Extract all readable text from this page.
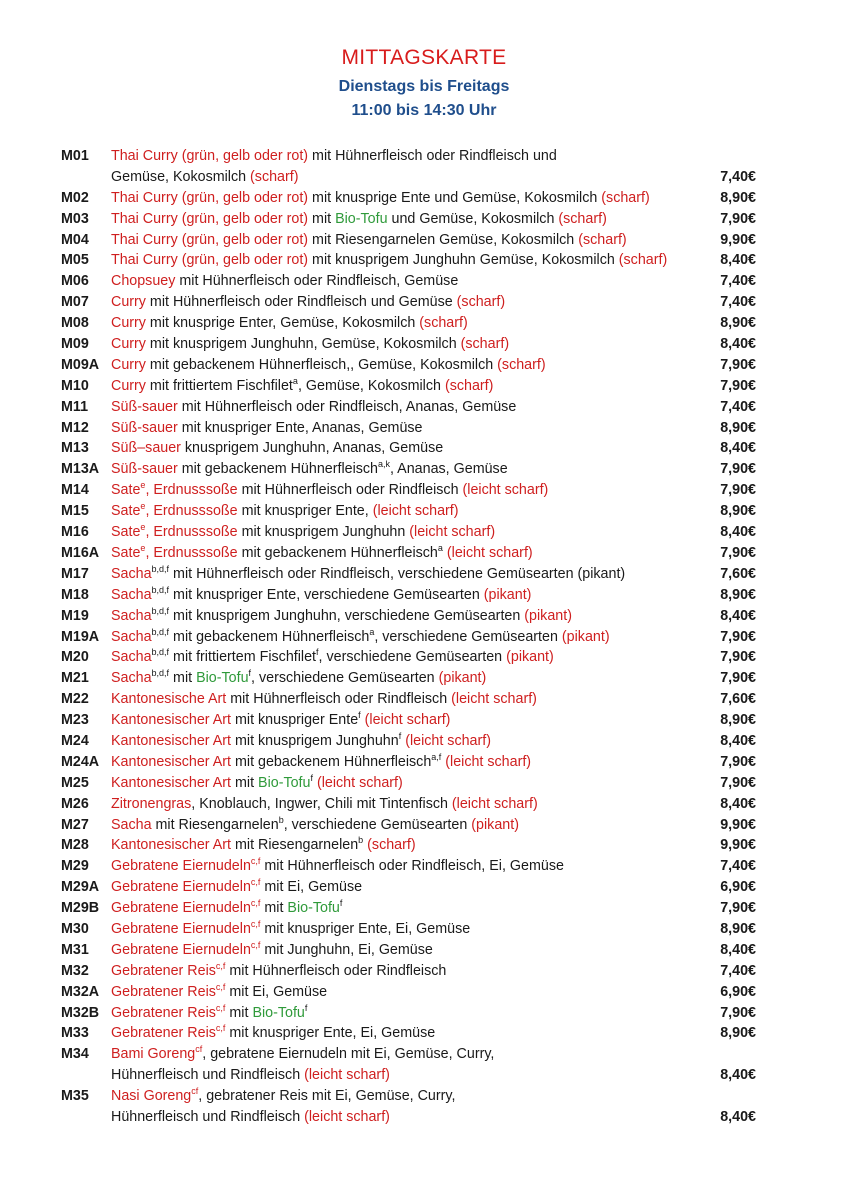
MITTAGSKARTE
Dienstags bis Freitags
11:00 bis 14:30 Uhr
M01 Thai Curry (grün, gelb oder rot) mit Hühnerfleisch oder Rindfleisch und
Gemüse, Kokosmilch (scharf)	7,40€
M02 Thai Curry (grün, gelb oder rot) mit knusprige Ente und Gemüse, Kokosmilch (scharf)	8,90€
M03 Thai Curry (grün, gelb oder rot) mit Bio-Tofu und Gemüse, Kokosmilch (scharf)	7,90€
M04 Thai Curry (grün, gelb oder rot) mit Riesengarnelen Gemüse, Kokosmilch (scharf)	9,90€
M05 Thai Curry (grün, gelb oder rot) mit knusprigem Junghuhn Gemüse, Kokosmilch (scharf)	8,40€
M06 Chopsuey mit Hühnerfleisch oder Rindfleisch, Gemüse	7,40€
M07 Curry mit Hühnerfleisch oder Rindfleisch und Gemüse (scharf)	7,40€
M08 Curry mit knusprige Enter, Gemüse, Kokosmilch (scharf)	8,90€
M09 Curry mit knusprigem Junghuhn, Gemüse, Kokosmilch (scharf)	8,40€
M09A Curry mit gebackenem Hühnerfleisch,, Gemüse, Kokosmilch (scharf)	7,90€
M10 Curry mit frittiertem Fischfilet$^a$, Gemüse, Kokosmilch (scharf)	7,90€
M11 Süß-sauer mit Hühnerfleisch oder Rindfleisch, Ananas, Gemüse	7,40€
M12 Süß-sauer mit knuspriger Ente, Ananas, Gemüse	8,90€
M13 Süß–sauer knusprigem Junghuhn, Ananas, Gemüse	8,40€
M13A Süß-sauer mit gebackenem Hühnerfleisch$^{a,k}$, Ananas, Gemüse	7,90€
M14 Sate$^e$, Erdnusssoße mit Hühnerfleisch oder Rindfleisch (leicht scharf)	7,90€
M15 Sate$^e$, Erdnusssoße mit knuspriger Ente, (leicht scharf)	8,90€
M16 Sate$^e$, Erdnusssoße mit knusprigem Junghuhn (leicht scharf)	8,40€
M16A Sate$^e$, Erdnusssoße mit gebackenem Hühnerfleisch$^a$ (leicht scharf)	7,90€
M17 Sacha$^{b,d,f}$ mit Hühnerfleisch oder Rindfleisch, verschiedene Gemüsearten (pikant)	7,60€
M18 Sacha$^{b,d,f}$ mit knuspriger Ente, verschiedene Gemüsearten (pikant)	8,90€
M19 Sacha$^{b,d,f}$ mit knusprigem Junghuhn, verschiedene Gemüsearten (pikant)	8,40€
M19A Sacha$^{b,d,f}$ mit gebackenem Hühnerfleisch$^a$, verschiedene Gemüsearten (pikant)	7,90€
M20 Sacha$^{b,d,f}$ mit frittiertem Fischfilet$^f$, verschiedene Gemüsearten (pikant)	7,90€
M21 Sacha$^{b,d,f}$ mit Bio-Tofu$^f$, verschiedene Gemüsearten (pikant)	7,90€
M22 Kantonesische Art mit Hühnerfleisch oder Rindfleisch (leicht scharf)	7,60€
M23 Kantonesischer Art mit knuspriger Ente$^f$ (leicht scharf)	8,90€
M24 Kantonesischer Art mit knusprigem Junghuhn$^f$ (leicht scharf)	8,40€
M24A Kantonesischer Art mit gebackenem Hühnerfleisch$^{a,f}$ (leicht scharf)	7,90€
M25 Kantonesischer Art mit Bio-Tofu$^f$ (leicht scharf)	7,90€
M26 Zitronengras, Knoblauch, Ingwer, Chili mit Tintenfisch (leicht scharf)	8,40€
M27 Sacha mit Riesengarnelen$^b$, verschiedene Gemüsearten (pikant)	9,90€
M28 Kantonesischer Art mit Riesengarnelen$^b$ (scharf)	9,90€
M29 Gebratene Eiernudeln$^{c,f}$ mit Hühnerfleisch oder Rindfleisch, Ei, Gemüse	7,40€
M29A Gebratene Eiernudeln$^{c,f}$ mit Ei, Gemüse	6,90€
M29B Gebratene Eiernudeln$^{c,f}$ mit Bio-Tofu$^f$	7,90€
M30 Gebratene Eiernudeln$^{c,f}$ mit knuspriger Ente, Ei, Gemüse	8,90€
M31 Gebratene Eiernudeln$^{c,f}$ mit Junghuhn, Ei, Gemüse	8,40€
M32 Gebratener Reis$^{c,f}$ mit Hühnerfleisch oder Rindfleisch	7,40€
M32A Gebratener Reis$^{c,f}$ mit Ei, Gemüse	6,90€
M32B Gebratener Reis$^{c,f}$ mit Bio-Tofu$^f$	7,90€
M33 Gebratener Reis$^{c,f}$ mit knuspriger Ente, Ei, Gemüse	8,90€
M34 Bami Goreng$^{cf}$, gebratene Eiernudeln mit Ei, Gemüse, Curry,
Hühnerfleisch und Rindfleisch (leicht scharf)	8,40€
M35 Nasi Goreng$^{cf}$, gebratener Reis mit Ei, Gemüse, Curry,
Hühnerfleisch und Rindfleisch (leicht scharf)	8,40€
